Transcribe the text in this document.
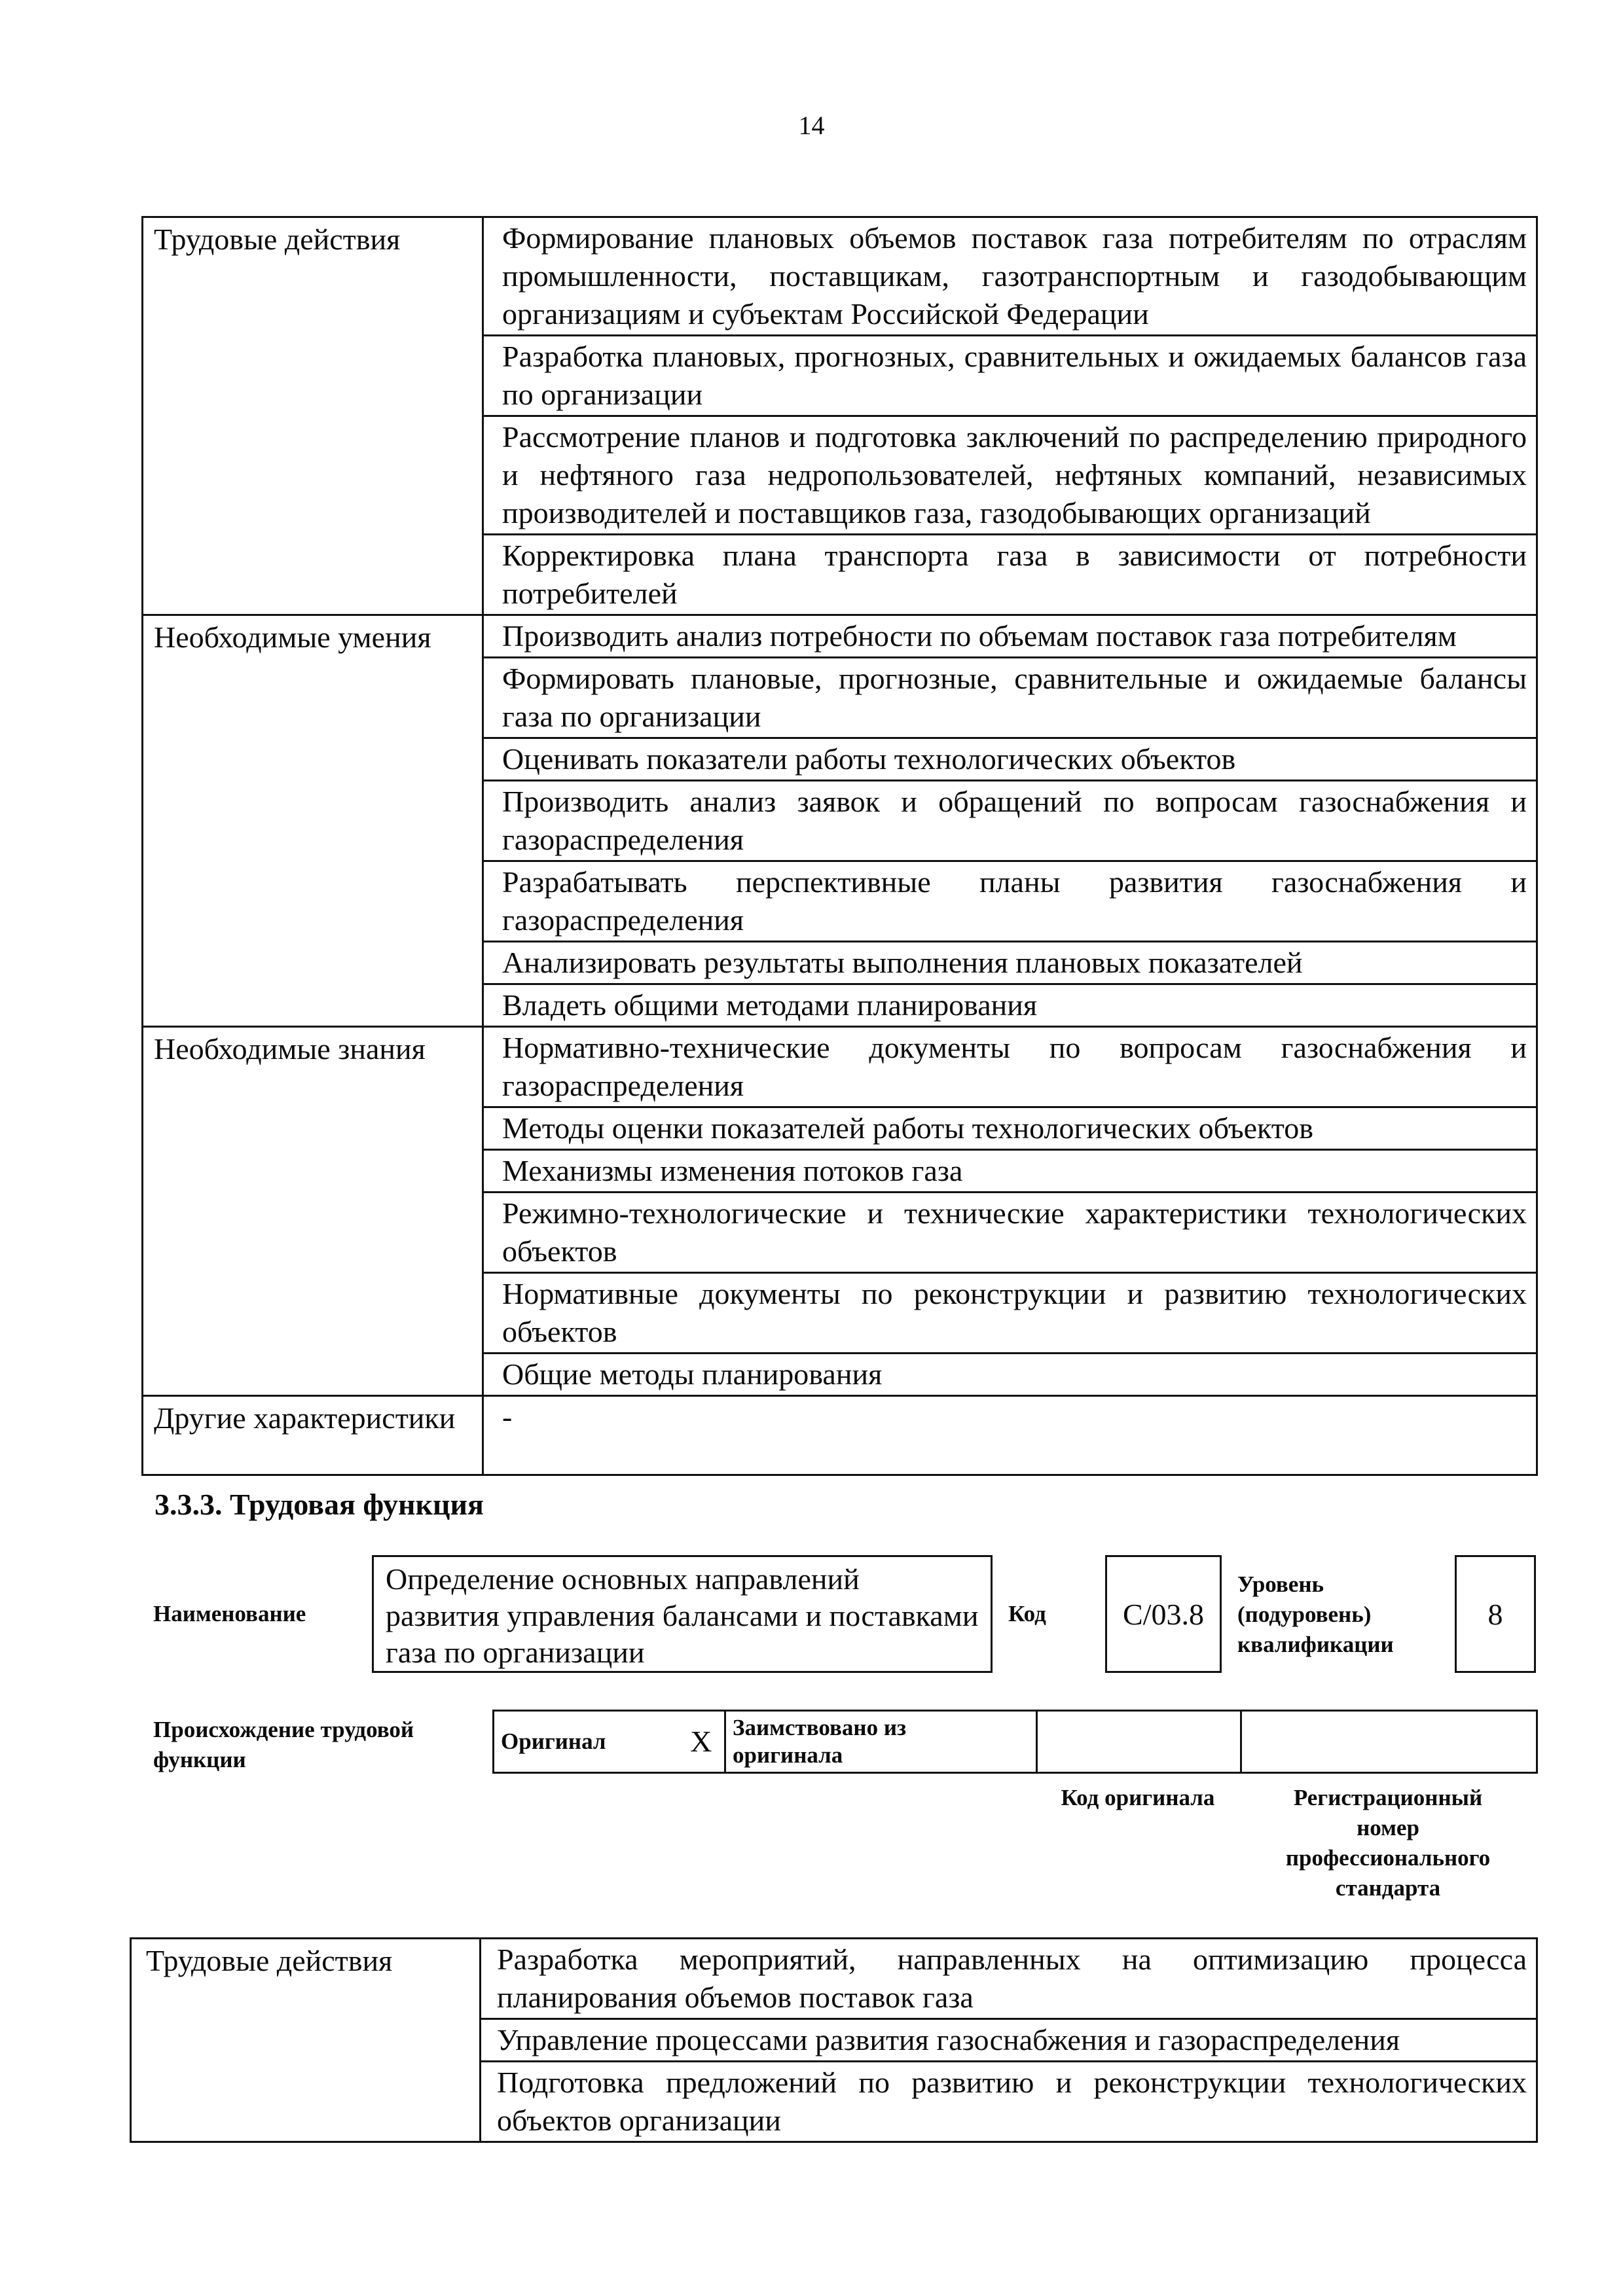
14
Трудовые действия	Формирование плановых объемов поставок газа потребителям по отраслям промышленности, поставщикам, газотранспортным и газодобывающим организациям и субъектам Российской Федерации
	Разработка плановых, прогнозных, сравнительных и ожидаемых балансов газа по организации
	Рассмотрение планов и подготовка заключений по распределению природного и нефтяного газа недропользователей, нефтяных компаний, независимых производителей и поставщиков газа, газодобывающих организаций
	Корректировка плана транспорта газа в зависимости от потребности потребителей
Необходимые умения	Производить анализ потребности по объемам поставок газа потребителям
	Формировать плановые, прогнозные, сравнительные и ожидаемые балансы газа по организации
	Оценивать показатели работы технологических объектов
	Производить анализ заявок и обращений по вопросам газоснабжения и газораспределения
	Разрабатывать перспективные планы развития газоснабжения и газораспределения
	Анализировать результаты выполнения плановых показателей
	Владеть общими методами планирования
Необходимые знания	Нормативно-технические документы по вопросам газоснабжения и газораспределения
	Методы оценки показателей работы технологических объектов
	Механизмы изменения потоков газа
	Режимно-технологические и технические характеристики технологических объектов
	Нормативные документы по реконструкции и развитию технологических объектов
	Общие методы планирования
Другие характеристики	-
3.3.3. Трудовая функция
Наименование
Определение основных направлений развития управления балансами и поставками газа по организации
Код	C/03.8
Уровень
(подуровень)
квалификации
8
Происхождение трудовой
функции
Оригинал	X	Заимствовано из
оригинала

Код оригинала	Регистрационный
номер
профессионального
стандарта
Трудовые действия	Разработка мероприятий, направленных на оптимизацию процесса планирования объемов поставок газа
Управление процессами развития газоснабжения и газораспределения
Подготовка предложений по развитию и реконструкции технологических объектов организации
